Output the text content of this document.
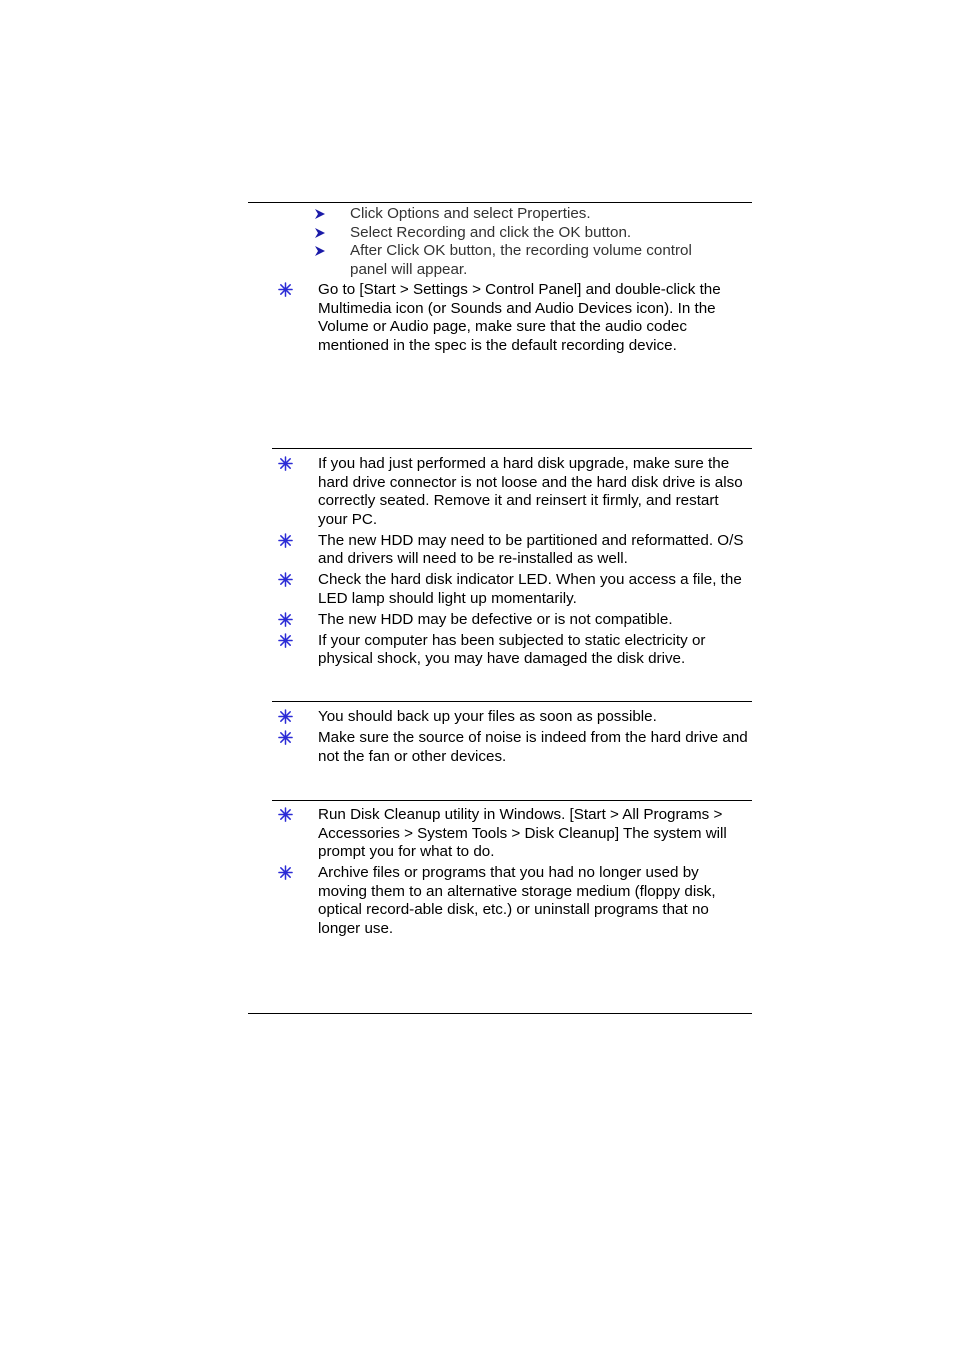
Click Options and select Properties.
Select Recording and click the OK button.
After Click OK button, the recording volume control panel will appear.
Go to [Start > Settings > Control Panel] and double-click the Multimedia icon (or Sounds and Audio Devices icon). In the Volume or Audio page, make sure that the audio codec mentioned in the spec is the default recording device.
If you had just performed a hard disk upgrade, make sure the hard drive connector is not loose and the hard disk drive is also correctly seated. Remove it and reinsert it firmly, and restart your PC.
The new HDD may need to be partitioned and reformatted. O/S and drivers will need to be re-installed as well.
Check the hard disk indicator LED. When you access a file, the LED lamp should light up momentarily.
The new HDD may be defective or is not compatible.
If your computer has been subjected to static electricity or physical shock, you may have damaged the disk drive.
You should back up your files as soon as possible.
Make sure the source of noise is indeed from the hard drive and not the fan or other devices.
Run Disk Cleanup utility in Windows. [Start > All Programs > Accessories > System Tools > Disk Cleanup] The system will prompt you for what to do.
Archive files or programs that you had no longer used by moving them to an alternative storage medium (floppy disk, optical record-able disk, etc.) or uninstall programs that no longer use.
